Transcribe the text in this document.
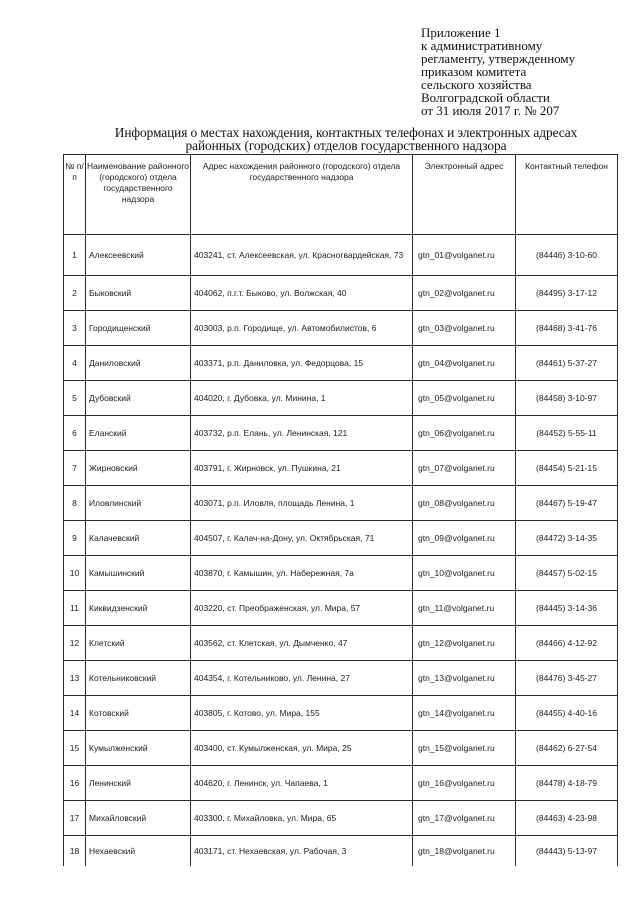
Приложение 1
к административному
регламенту, утвержденному
приказом комитета
сельского хозяйства
Волгоградской области
от 31 июля 2017 г. № 207
Информация о местах нахождения, контактных телефонах и электронных адресах
районных (городских) отделов государственного надзора
№ п/п	Наименование районного (городского) отдела государственного надзора	Адрес нахождения районного (городского) отдела государственного надзора	Электронный адрес	Контактный телефон
1	Алексеевский	403241, ст. Алексеевская, ул. Красногвардейская, 73	gtn_01@volganet.ru	(84446) 3-10-60
2	Быковский	404062, п.г.т. Быково, ул. Волжская, 40	gtn_02@volganet.ru	(84495) 3-17-12
3	Городищенский	403003, р.п. Городище, ул. Автомобилистов, 6	gtn_03@volganet.ru	(84468) 3-41-76
4	Даниловский	403371, р.п. Даниловка, ул. Федорцова, 15	gtn_04@volganet.ru	(84461) 5-37-27
5	Дубовский	404020, г. Дубовка, ул. Минина, 1	gtn_05@volganet.ru	(84458) 3-10-97
6	Еланский	403732, р.п. Елань, ул. Ленинская, 121	gtn_06@volganet.ru	(84452) 5-55-11
7	Жирновский	403791, г. Жирновск, ул. Пушкина, 21	gtn_07@volganet.ru	(84454) 5-21-15
8	Иловлинский	403071, р.п. Иловля, площадь Ленина, 1	gtn_08@volganet.ru	(84467) 5-19-47
9	Калачевский	404507, г. Калач-на-Дону, ул. Октябрьская, 71	gtn_09@volganet.ru	(84472) 3-14-35
10	Камышинский	403870, г. Камышин, ул. Набережная, 7а	gtn_10@volganet.ru	(84457) 5-02-15
11	Киквидзенский	403220, ст. Преображенская, ул. Мира, 57	gtn_11@volganet.ru	(84445) 3-14-36
12	Клетский	403562, ст. Клетская, ул. Дымченко, 47	gtn_12@volganet.ru	(84466) 4-12-92
13	Котельниковский	404354, г. Котельниково, ул. Ленина, 27	gtn_13@volganet.ru	(84476) 3-45-27
14	Котовский	403805, г. Котово, ул. Мира, 155	gtn_14@volganet.ru	(84455) 4-40-16
15	Кумылженский	403400, ст. Кумылженская, ул. Мира, 25	gtn_15@volganet.ru	(84462) 6-27-54
16	Ленинский	404620, г. Ленинск, ул. Чапаева, 1	gtn_16@volganet.ru	(84478) 4-18-79
17	Михайловский	403300, г. Михайловка, ул. Мира, 65	gtn_17@volganet.ru	(84463) 4-23-98
18	Нехаевский	403171, ст. Нехаевская, ул. Рабочая, 3	gtn_18@volganet.ru	(84443) 5-13-97
